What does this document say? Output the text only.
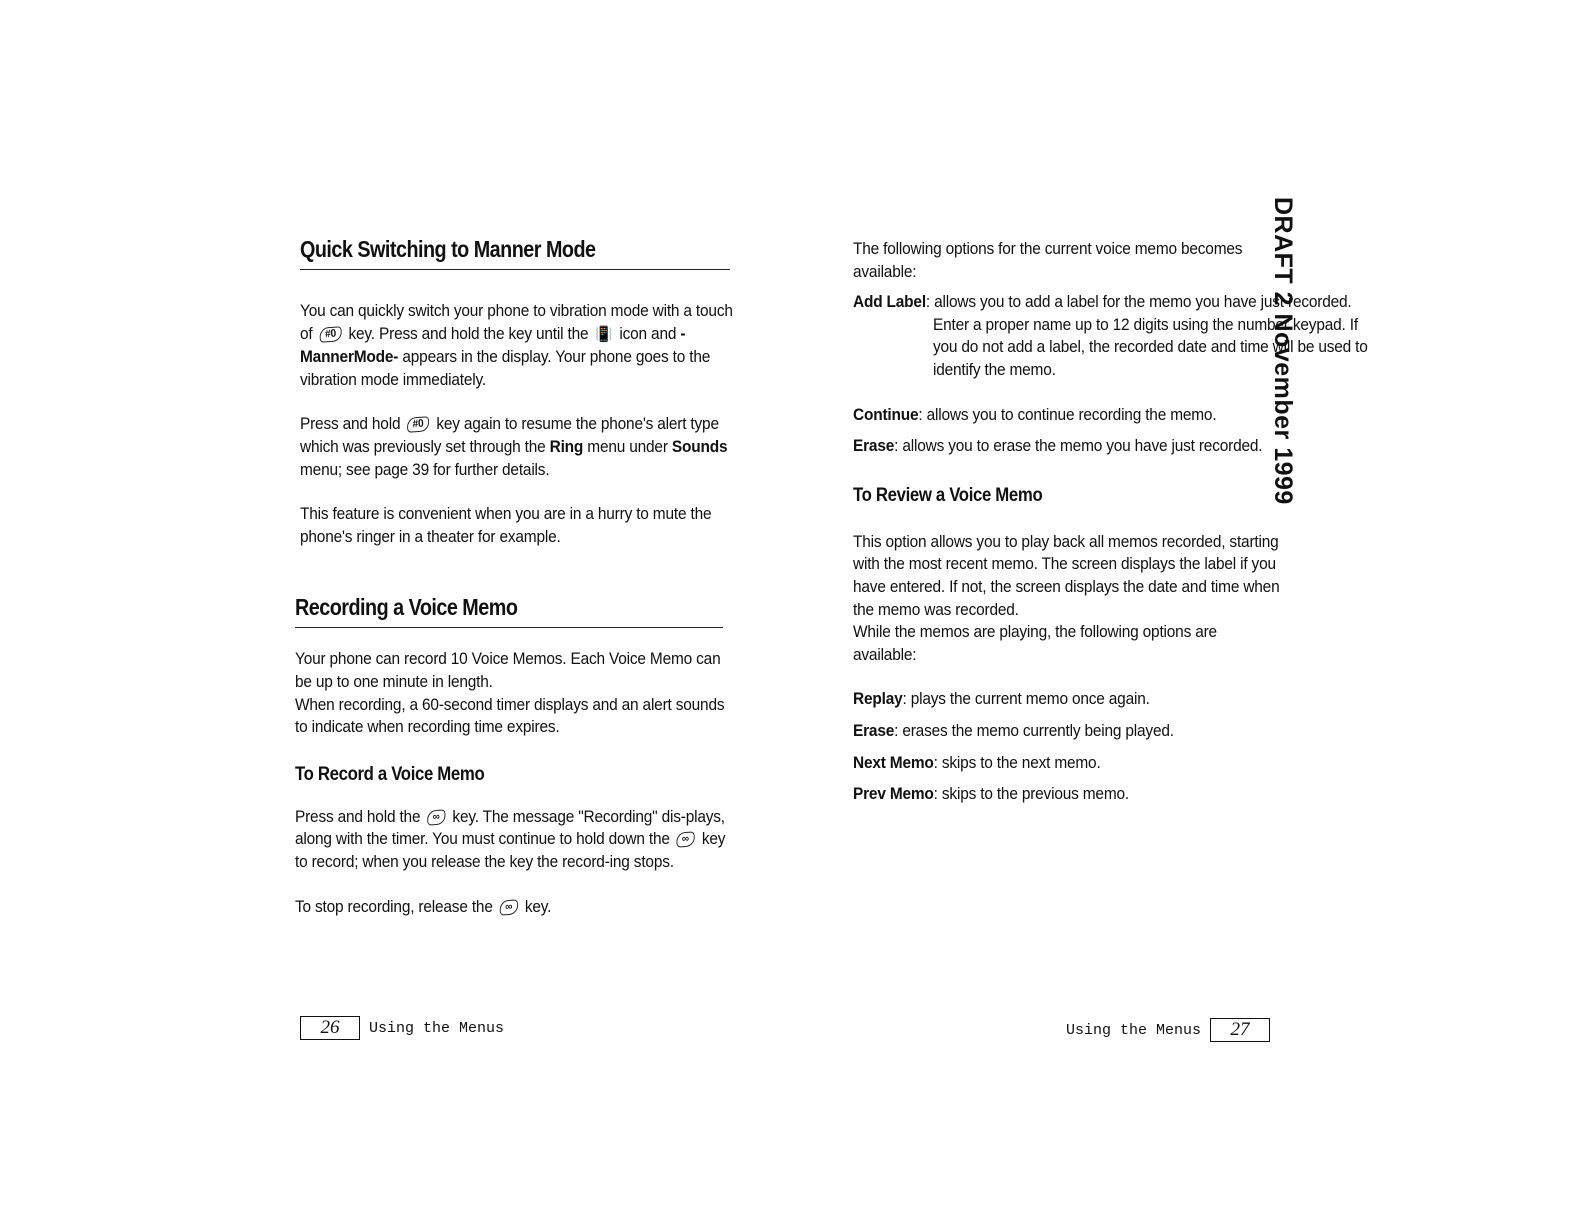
Quick Switching to Manner Mode

You can quickly switch your phone to vibration mode with a touch of #0 key. Press and hold the key until the 📳 icon and -MannerMode- appears in the display. Your phone goes to the vibration mode immediately.

Press and hold #0 key again to resume the phone's alert type which was previously set through the Ring menu under Sounds menu; see page 39 for further details.

This feature is convenient when you are in a hurry to mute the phone's ringer in a theater for example.

Recording a Voice Memo

Your phone can record 10 Voice Memos. Each Voice Memo can be up to one minute in length.

When recording, a 60-second timer displays and an alert sounds to indicate when recording time expires.

To Record a Voice Memo

Press and hold the ∞ key. The message "Recording" dis-plays, along with the timer. You must continue to hold down the ∞ key to record; when you release the key the record-ing stops.

To stop recording, release the ∞ key.

26 Using the Menus

The following options for the current voice memo becomes available:

Add Label: allows you to add a label for the memo you have just recorded. Enter a proper name up to 12 digits using the number keypad. If you do not add a label, the recorded date and time will be used to identify the memo.

Continue: allows you to continue recording the memo.

Erase: allows you to erase the memo you have just recorded.

To Review a Voice Memo

This option allows you to play back all memos recorded, starting with the most recent memo. The screen displays the label if you have entered. If not, the screen displays the date and time when the memo was recorded.

While the memos are playing, the following options are available:

Replay: plays the current memo once again.

Erase: erases the memo currently being played.

Next Memo: skips to the next memo.

Prev Memo: skips to the previous memo.

Using the Menus 27
DRAFT 2 November 1999
